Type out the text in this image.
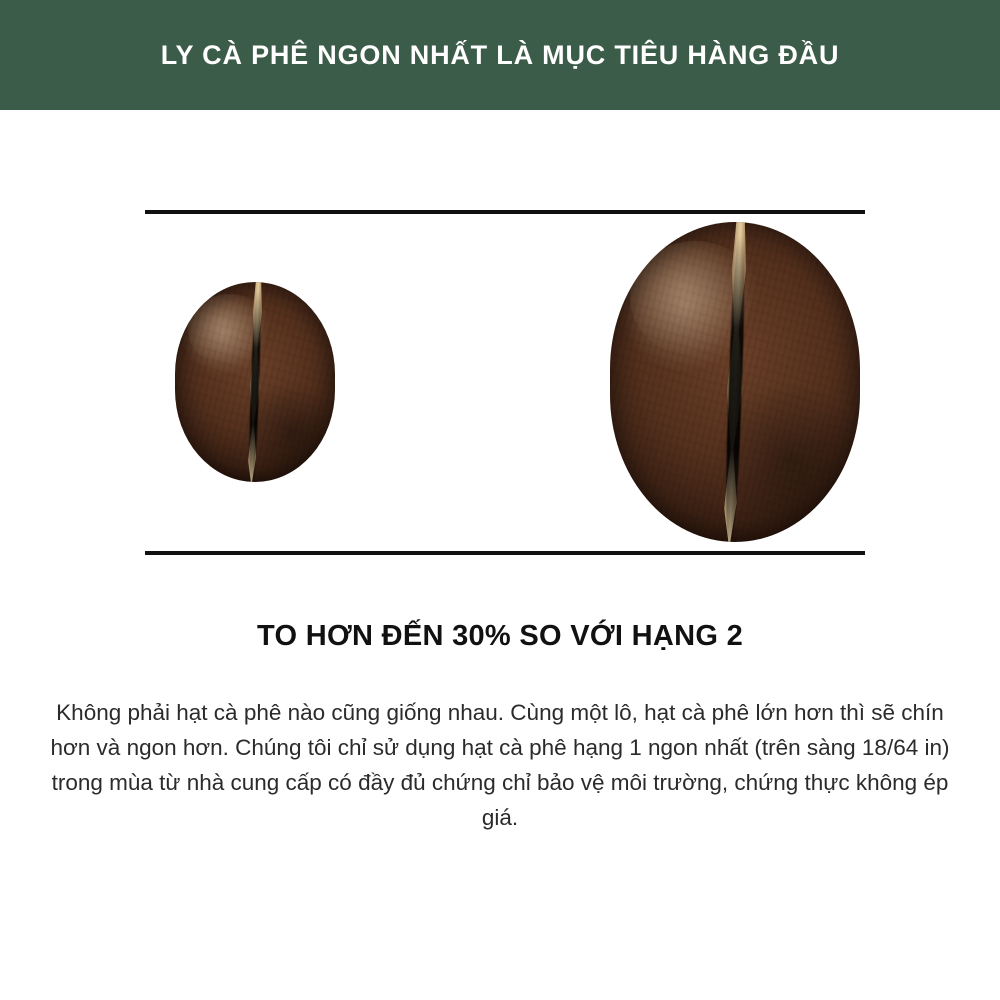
LY CÀ PHÊ NGON NHẤT LÀ MỤC TIÊU HÀNG ĐẦU
TO HƠN ĐẾN 30% SO VỚI HẠNG 2
Không phải hạt cà phê nào cũng giống nhau. Cùng một lô, hạt cà phê lớn hơn thì sẽ chín hơn và ngon hơn. Chúng tôi chỉ sử dụng hạt cà phê hạng 1 ngon nhất (trên sàng 18/64 in) trong mùa từ nhà cung cấp có đầy đủ chứng chỉ bảo vệ môi trường, chứng thực không ép giá.
